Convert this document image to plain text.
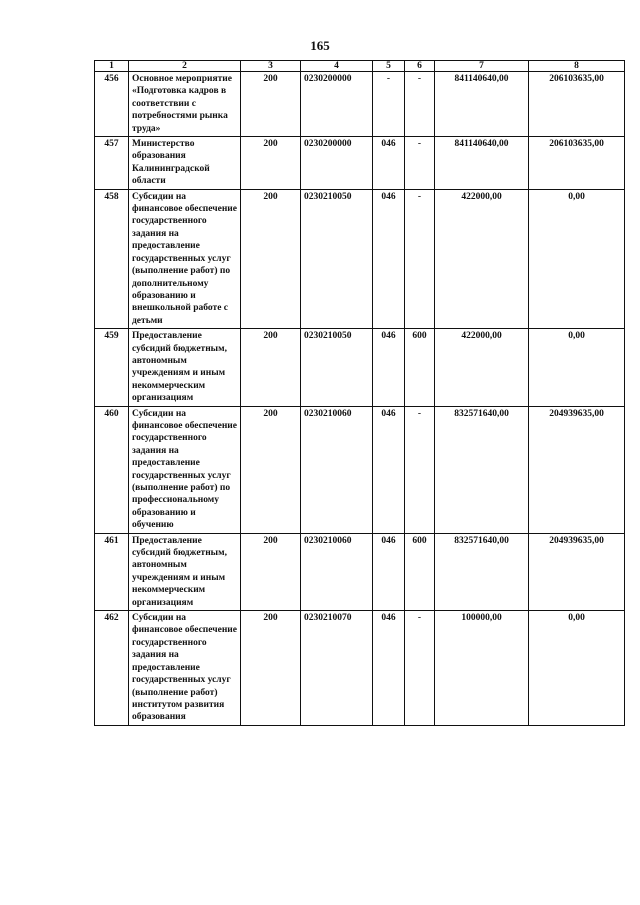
165
1	2	3	4	5	6	7	8
456	Основное мероприятие «Подготовка кадров в соответствии с потребностями рынка труда»	200	0230200000	-	-	841140640,00	206103635,00
457	Министерство образования Калининградской области	200	0230200000	046	-	841140640,00	206103635,00
458	Субсидии на финансовое обеспечение государственного задания на предоставление государственных услуг (выполнение работ) по дополнительному образованию и внешкольной работе с детьми	200	0230210050	046	-	422000,00	0,00
459	Предоставление субсидий бюджетным, автономным учреждениям и иным некоммерческим организациям	200	0230210050	046	600	422000,00	0,00
460	Субсидии на финансовое обеспечение государственного задания на предоставление государственных услуг (выполнение работ) по профессиональному образованию и обучению	200	0230210060	046	-	832571640,00	204939635,00
461	Предоставление субсидий бюджетным, автономным учреждениям и иным некоммерческим организациям	200	0230210060	046	600	832571640,00	204939635,00
462	Субсидии на финансовое обеспечение государственного задания на предоставление государственных услуг (выполнение работ) институтом развития образования	200	0230210070	046	-	100000,00	0,00
